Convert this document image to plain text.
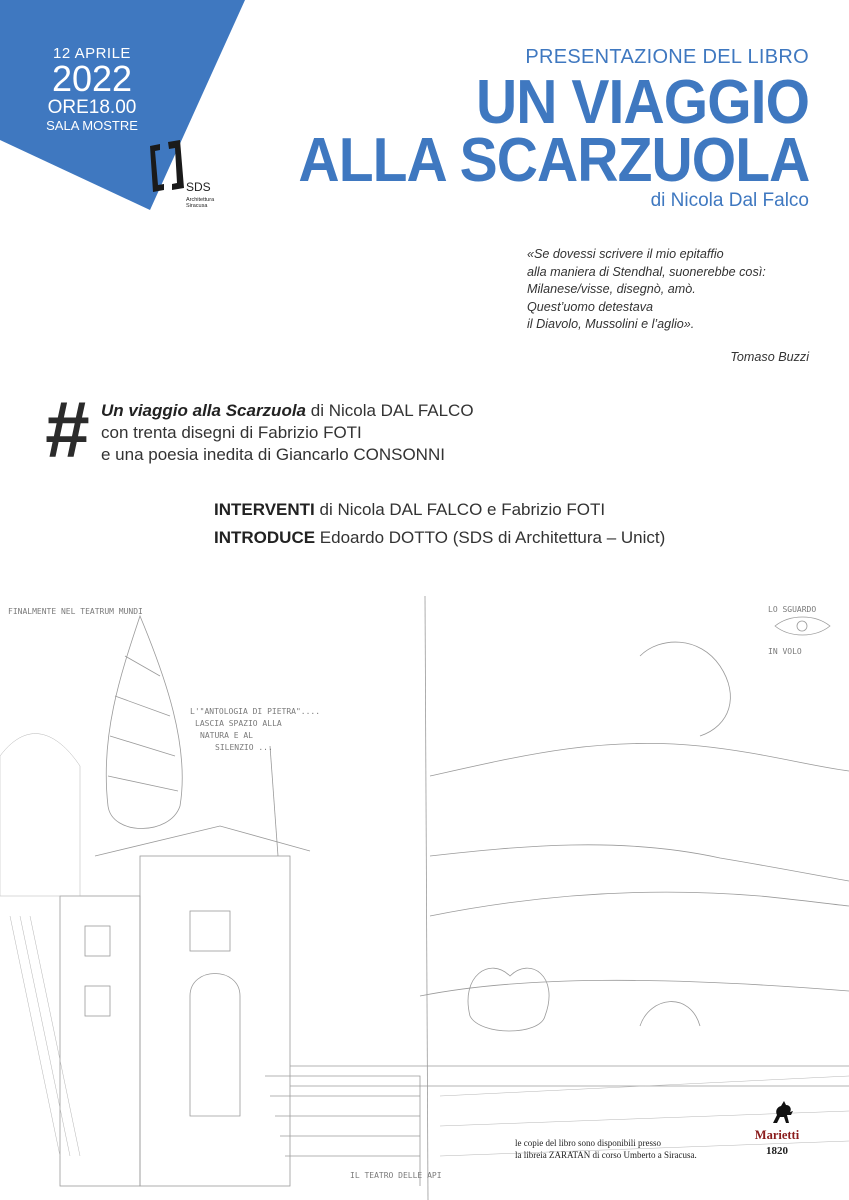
12 APRILE
2022
ORE18.00
SALA MOSTRE
SDS
Architettura
Siracusa
PRESENTAZIONE DEL LIBRO
UN VIAGGIO
ALLA SCARZUOLA
di Nicola Dal Falco
«Se dovessi scrivere il mio epitaffio
alla maniera di Stendhal, suonerebbe così:
Milanese/visse, disegnò, amò.
Quest’uomo detestava
il Diavolo, Mussolini e l’aglio».
Tomaso Buzzi
# Un viaggio alla Scarzuola di Nicola DAL FALCO
con trenta disegni di Fabrizio FOTI
e una poesia inedita di Giancarlo CONSONNI
INTERVENTI di Nicola DAL FALCO e Fabrizio FOTI
INTRODUCE Edoardo DOTTO (SDS di Architettura – Unict)
FINALMENTE NEL TEATRUM MUNDI
L'"ANTOLOGIA DI PIETRA"....
LASCIA SPAZIO ALLA
NATURA E AL
SILENZIO ...
LO SGUARDO
IN VOLO
IL TEATRO DELLE API
le copie del libro sono disponibili presso
la libreia ZARATAN di corso Umberto a Siracusa.
Marietti
1820
